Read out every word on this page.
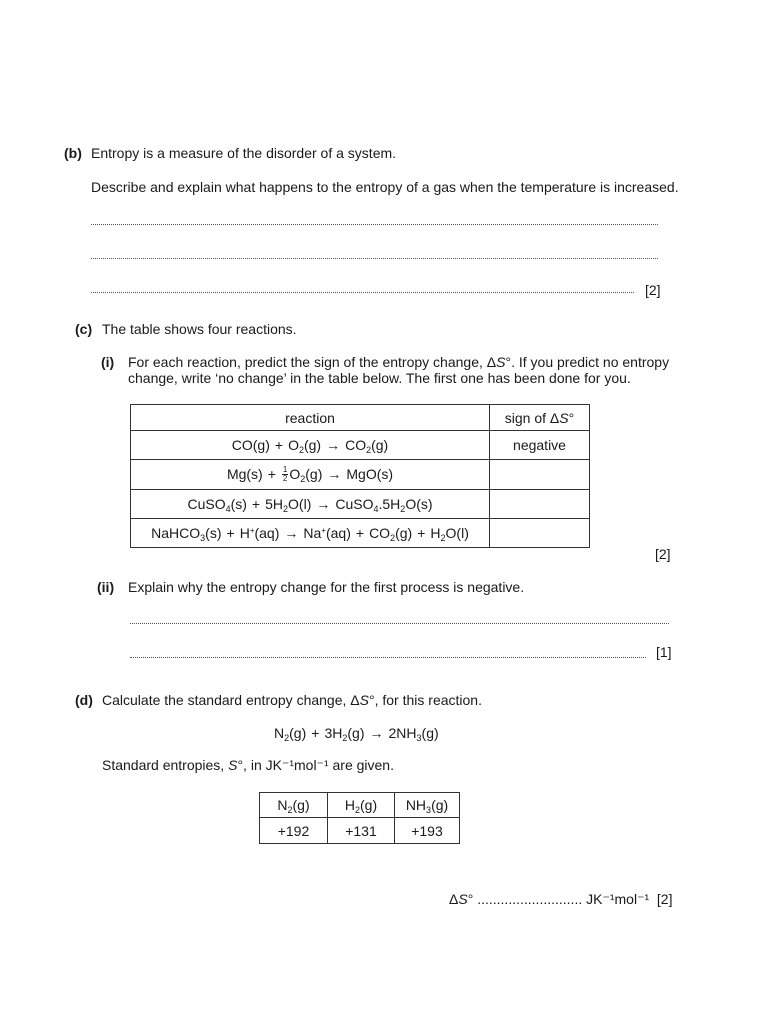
(b) Entropy is a measure of the disorder of a system.
Describe and explain what happens to the entropy of a gas when the temperature is increased.
[2]
(c) The table shows four reactions.
(i) For each reaction, predict the sign of the entropy change, ΔS°. If you predict no entropy
change, write ‘no change’ in the table below. The first one has been done for you.
reaction	sign of ΔS°
$CO(g) + O_2(g) \to CO_2(g)$	negative
$Mg(s) + \frac{1}{2} O_2(g) \to MgO(s)$	
CuSO$_4$(s) + $5H_2O(l)$ → $CuSO_4.5H_2O(s)$	
NaHCO$_3$(s) + $H^+(aq) \to Na^+(aq) + CO_2(g) + H_2O(l)$	
[2]
(ii) Explain why the entropy change for the first process is negative.
[1]
(d) Calculate the standard entropy change, ΔS°, for this reaction.
$N_2(g) + 3H_2(g) \to 2NH_3(g)$
Standard entropies, S°, in JK⁻¹mol⁻¹ are given.
$N_2(g)$	$H_2(g)$	$NH_3(g)$
+192	+131	+193
ΔS° ........................... JK⁻¹mol⁻¹ [2]
